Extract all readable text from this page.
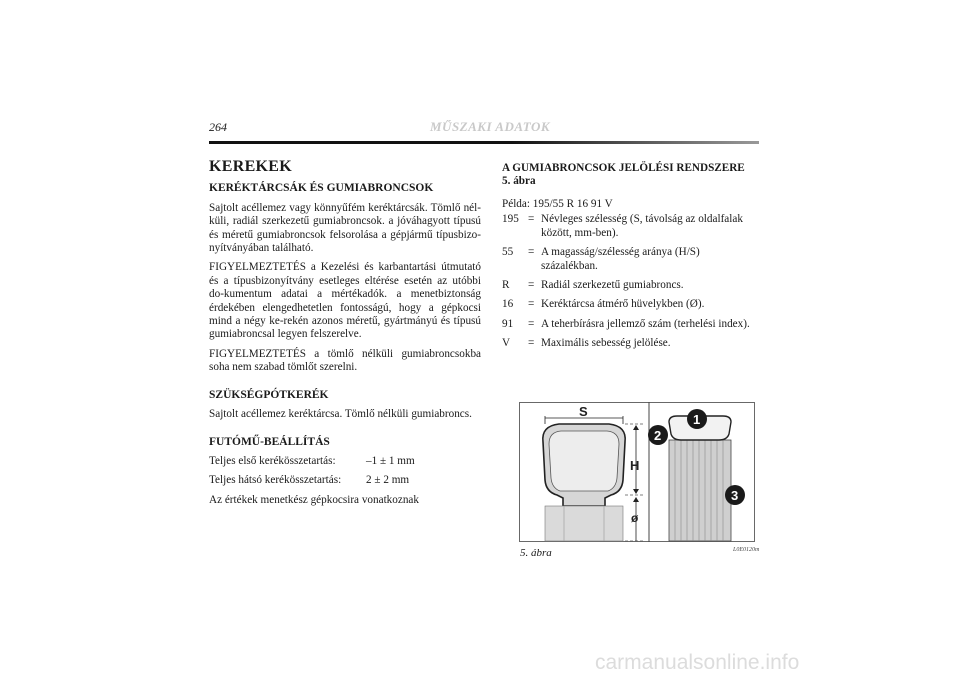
264	MŰSZAKI ADATOK
KEREKEK
KERÉKTÁRCSÁK ÉS GUMIABRONCSOK

Sajtolt acéllemez vagy könnyűfém keréktárcsák. Tömlő nél-küli, radiál szerkezetű gumiabroncsok. a jóváhagyott típusú és méretű gumiabroncsok felsorolása a gépjármű típusbizo-nyítványában található.

FIGYELMEZTETÉS a Kezelési és karbantartási útmutató és a típusbizonyítvány esetleges eltérése esetén az utóbbi do-kumentum adatai a mértékadók. a menetbiztonság érdekében elengedhetetlen fontosságú, hogy a gépkocsi mind a négy ke-rekén azonos méretű, gyártmányú és típusú gumiabroncsal legyen felszerelve.

FIGYELMEZTETÉS a tömlő nélküli gumiabroncsokba soha nem szabad tömlőt szerelni.

SZÜKSÉGPÓTKERÉK

Sajtolt acéllemez keréktárcsa. Tömlő nélküli gumiabroncs.

FUTÓMŰ-BEÁLLÍTÁS
Teljes első kerékösszetartás:	–1 ± 1 mm
Teljes hátsó kerékösszetartás:	2 ± 2 mm

Az értékek menetkész gépkocsira vonatkoznak

A GUMIABRONCSOK JELÖLÉSI RENDSZERE
5. ábra
Példa: 195/55 R 16 91 V
195 = Névleges szélesség (S, távolság az oldalfalak között, mm-ben).
55	= A magasság/szélesség aránya (H/S) százalékban.
R	= Radiál szerkezetű gumiabroncs.
16	= Keréktárcsa átmérő hüvelykben (Ø).
91	= A teherbírásra jellemző szám (terhelési index).
V	= Maximális sebesség jelölése.
S
H
ø
1
2
3
5. ábra	L0E0120m
carmanualsonline.info
